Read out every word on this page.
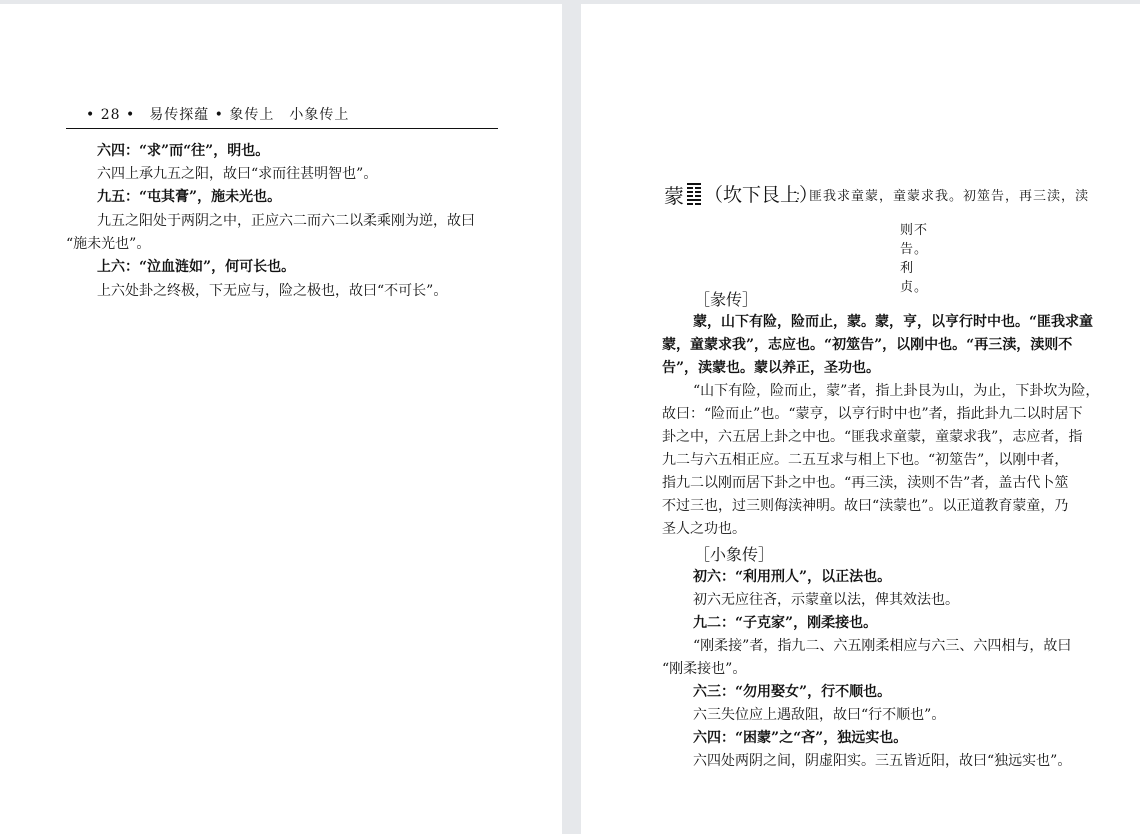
• 28 • 易传探蕴 • 象传上　小象传上
六四：“求”而“往”，明也。
六四上承九五之阳，故曰“求而往甚明智也”。
九五：“屯其膏”，施未光也。
九五之阳处于两阴之中，正应六二而六二以柔乘刚为逆，故曰
“施未光也”。
上六：“泣血涟如”，何可长也。
上六处卦之终极，下无应与，险之极也，故曰“不可长”。
蒙 （坎下艮上）
：匪我求童蒙，童蒙求我。初筮告，再三渎，渎
则不告。利贞。
［彖传］
蒙，山下有险，险而止，蒙。蒙，亨，以亨行时中也。“匪我求童
蒙，童蒙求我”，志应也。“初筮告”，以刚中也。“再三渎，渎则不
告”，渎蒙也。蒙以养正，圣功也。
“山下有险，险而止，蒙”者，指上卦艮为山，为止，下卦坎为险，
故曰：“险而止”也。“蒙亨，以亨行时中也”者，指此卦九二以时居下
卦之中，六五居上卦之中也。“匪我求童蒙，童蒙求我”，志应者，指
九二与六五相正应。二五互求与相上下也。“初筮告”，以刚中者，
指九二以刚而居下卦之中也。“再三渎，渎则不告”者，盖古代卜筮
不过三也，过三则侮渎神明。故曰“渎蒙也”。以正道教育蒙童，乃
圣人之功也。
［小象传］
初六：“利用刑人”，以正法也。
初六无应往吝，示蒙童以法，俾其效法也。
九二：“子克家”，刚柔接也。
“刚柔接”者，指九二、六五刚柔相应与六三、六四相与，故曰
“刚柔接也”。
六三：“勿用娶女”，行不顺也。
六三失位应上遇敌阻，故曰“行不顺也”。
六四：“困蒙”之“吝”，独远实也。
六四处两阴之间，阴虚阳实。三五皆近阳，故曰“独远实也”。
